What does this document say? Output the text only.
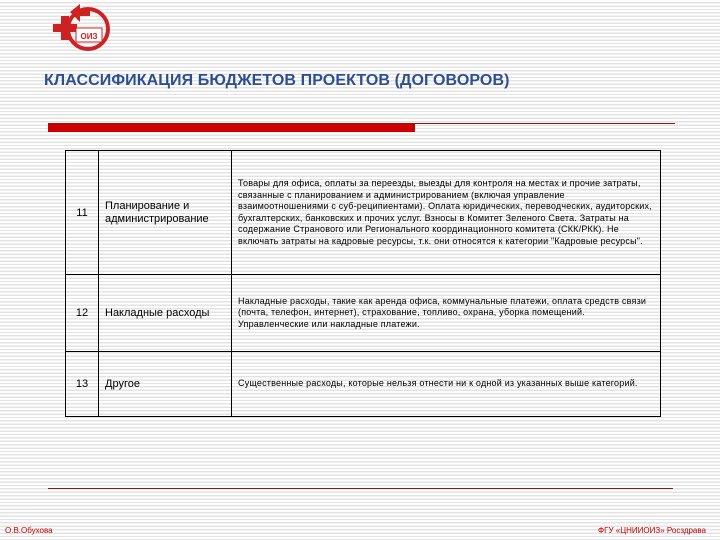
ОИЗ
КЛАССИФИКАЦИЯ БЮДЖЕТОВ ПРОЕКТОВ (ДОГОВОРОВ)
11	Планирование и администрирование	Товары для офиса, оплаты за переезды, выезды для контроля на местах и прочие затраты, связанные с планированием и администрированием (включая управление взаимоотношениями с суб-реципиентами). Оплата юридических, переводческих, аудиторских, бухгалтерских, банковских и прочих услуг. Взносы в Комитет Зеленого Света. Затраты на содержание Странового или Регионального координационного комитета (СКК/РКК). Не включать затраты на кадровые ресурсы, т.к. они относятся к категории "Кадровые ресурсы".
12	Накладные расходы	Накладные расходы, такие как аренда офиса, коммунальные платежи, оплата средств связи (почта, телефон, интернет), страхование, топливо, охрана, уборка помещений. Управленческие или накладные платежи.
13	Другое	Существенные расходы, которые нельзя отнести ни к одной из указанных выше категорий.
О.В.Обухова	ФГУ «ЦНИИОИЗ» Росздрава
